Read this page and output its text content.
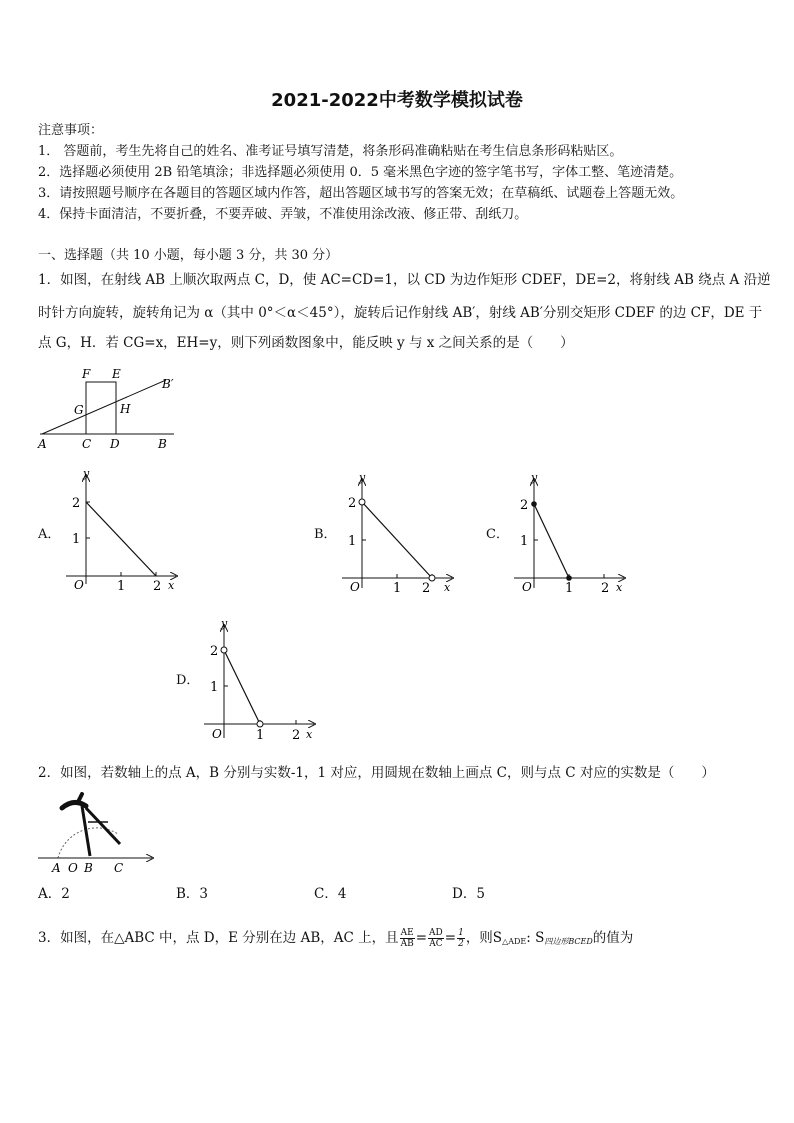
2021-2022中考数学模拟试卷
注意事项：
1． 答题前，考生先将自己的姓名、准考证号填写清楚，将条形码准确粘贴在考生信息条形码粘贴区。
2．选择题必须使用 2B 铅笔填涂；非选择题必须使用 0．5 毫米黑色字迹的签字笔书写，字体工整、笔迹清楚。
3．请按照题号顺序在各题目的答题区域内作答，超出答题区域书写的答案无效；在草稿纸、试题卷上答题无效。
4．保持卡面清洁，不要折叠，不要弄破、弄皱，不准使用涂改液、修正带、刮纸刀。
一、选择题（共 10 小题，每小题 3 分，共 30 分）
1．如图，在射线 AB 上顺次取两点 C，D，使 AC=CD=1，以 CD 为边作矩形 CDEF，DE=2，将射线 AB 绕点 A 沿逆
时针方向旋转，旋转角记为 α（其中 0°＜α＜45°），旋转后记作射线 AB′，射线 AB′分别交矩形 CDEF 的边 CF，DE 于
点 G，H．若 CG=x，EH=y，则下列函数图象中，能反映 y 与 x 之间关系的是（　　）
F E
B′
G	H
A	C D	B
A．
y
x
O
2
1
1 2
B．
y
x
O
2
1
1 2
C．
y
x
O
2
1
1 2
D．
y
x
O
2
1
1 2
2．如图，若数轴上的点 A，B 分别与实数-1，1 对应，用圆规在数轴上画点 C，则与点 C 对应的实数是（　　）
A O B C
A．2	B．3	C．4	D．5
3．如图，在△ABC 中，点 D，E 分别在边 AB，AC 上，且 $\frac{AE}{AB} = \frac{AD}{AC} = \frac{1}{2}$ ，则$S_{\triangle ADE}$: $S_{四边形BCED}$的值为
